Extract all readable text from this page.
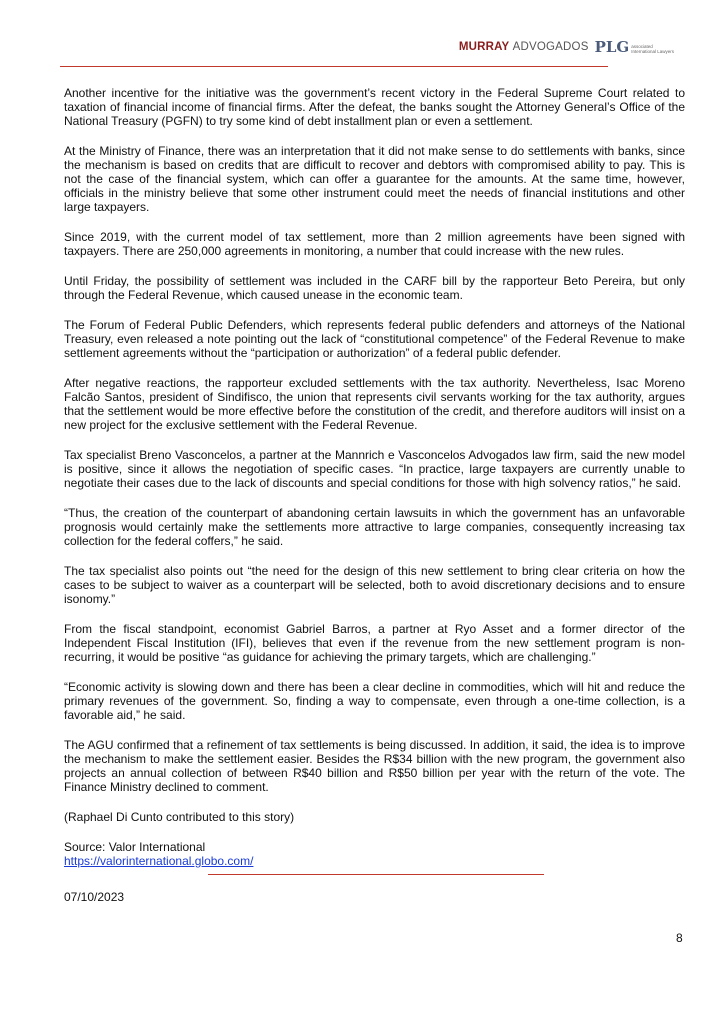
MURRAY ADVOGADOS PLG associated
International Lawyers

Another incentive for the initiative was the government’s recent victory in the Federal Supreme Court related to taxation of financial income of financial firms. After the defeat, the banks sought the Attorney General’s Office of the National Treasury (PGFN) to try some kind of debt installment plan or even a settlement.

At the Ministry of Finance, there was an interpretation that it did not make sense to do settlements with banks, since the mechanism is based on credits that are difficult to recover and debtors with compromised ability to pay. This is not the case of the financial system, which can offer a guarantee for the amounts. At the same time, however, officials in the ministry believe that some other instrument could meet the needs of financial institutions and other large taxpayers.

Since 2019, with the current model of tax settlement, more than 2 million agreements have been signed with taxpayers. There are 250,000 agreements in monitoring, a number that could increase with the new rules.

Until Friday, the possibility of settlement was included in the CARF bill by the rapporteur Beto Pereira, but only through the Federal Revenue, which caused unease in the economic team.

The Forum of Federal Public Defenders, which represents federal public defenders and attorneys of the National Treasury, even released a note pointing out the lack of “constitutional competence” of the Federal Revenue to make settlement agreements without the “participation or authorization” of a federal public defender.

After negative reactions, the rapporteur excluded settlements with the tax authority. Nevertheless, Isac Moreno Falcão Santos, president of Sindifisco, the union that represents civil servants working for the tax authority, argues that the settlement would be more effective before the constitution of the credit, and therefore auditors will insist on a new project for the exclusive settlement with the Federal Revenue.

Tax specialist Breno Vasconcelos, a partner at the Mannrich e Vasconcelos Advogados law firm, said the new model is positive, since it allows the negotiation of specific cases. “In practice, large taxpayers are currently unable to negotiate their cases due to the lack of discounts and special conditions for those with high solvency ratios,” he said.

“Thus, the creation of the counterpart of abandoning certain lawsuits in which the government has an unfavorable prognosis would certainly make the settlements more attractive to large companies, consequently increasing tax collection for the federal coffers,” he said.

The tax specialist also points out “the need for the design of this new settlement to bring clear criteria on how the cases to be subject to waiver as a counterpart will be selected, both to avoid discretionary decisions and to ensure isonomy.”

From the fiscal standpoint, economist Gabriel Barros, a partner at Ryo Asset and a former director of the Independent Fiscal Institution (IFI), believes that even if the revenue from the new settlement program is non-recurring, it would be positive “as guidance for achieving the primary targets, which are challenging.”

“Economic activity is slowing down and there has been a clear decline in commodities, which will hit and reduce the primary revenues of the government. So, finding a way to compensate, even through a one-time collection, is a favorable aid,” he said.

The AGU confirmed that a refinement of tax settlements is being discussed. In addition, it said, the idea is to improve the mechanism to make the settlement easier. Besides the R$34 billion with the new program, the government also projects an annual collection of between R$40 billion and R$50 billion per year with the return of the vote. The Finance Ministry declined to comment.

(Raphael Di Cunto contributed to this story)

Source: Valor International
https://valorinternational.globo.com/
07/10/2023
8
